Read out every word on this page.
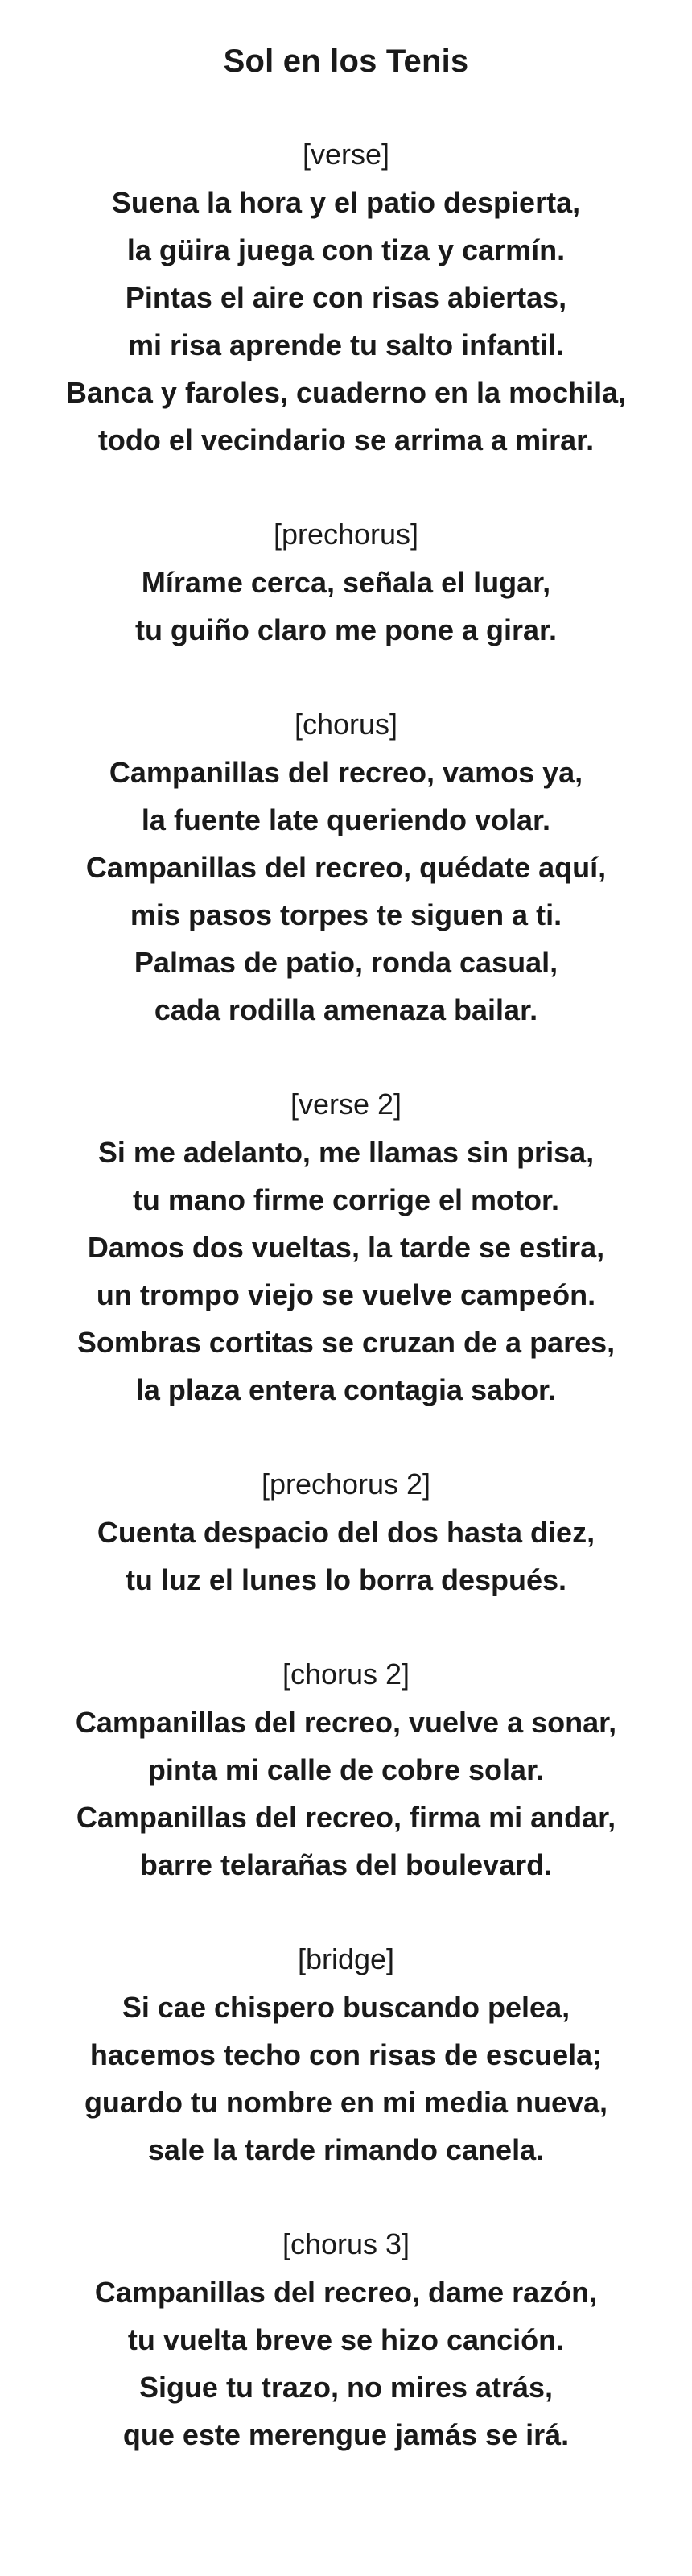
Sol en los Tenis

[verse]

Suena la hora y el patio despierta,

la güira juega con tiza y carmín.

Pintas el aire con risas abiertas,

mi risa aprende tu salto infantil.

Banca y faroles, cuaderno en la mochila,

todo el vecindario se arrima a mirar.

[prechorus]

Mírame cerca, señala el lugar,

tu guiño claro me pone a girar.

[chorus]

Campanillas del recreo, vamos ya,

la fuente late queriendo volar.

Campanillas del recreo, quédate aquí,

mis pasos torpes te siguen a ti.

Palmas de patio, ronda casual,

cada rodilla amenaza bailar.

[verse 2]

Si me adelanto, me llamas sin prisa,

tu mano firme corrige el motor.

Damos dos vueltas, la tarde se estira,

un trompo viejo se vuelve campeón.

Sombras cortitas se cruzan de a pares,

la plaza entera contagia sabor.

[prechorus 2]

Cuenta despacio del dos hasta diez,

tu luz el lunes lo borra después.

[chorus 2]

Campanillas del recreo, vuelve a sonar,

pinta mi calle de cobre solar.

Campanillas del recreo, firma mi andar,

barre telarañas del boulevard.

[bridge]

Si cae chispero buscando pelea,

hacemos techo con risas de escuela;

guardo tu nombre en mi media nueva,

sale la tarde rimando canela.

[chorus 3]

Campanillas del recreo, dame razón,

tu vuelta breve se hizo canción.

Sigue tu trazo, no mires atrás,

que este merengue jamás se irá.
